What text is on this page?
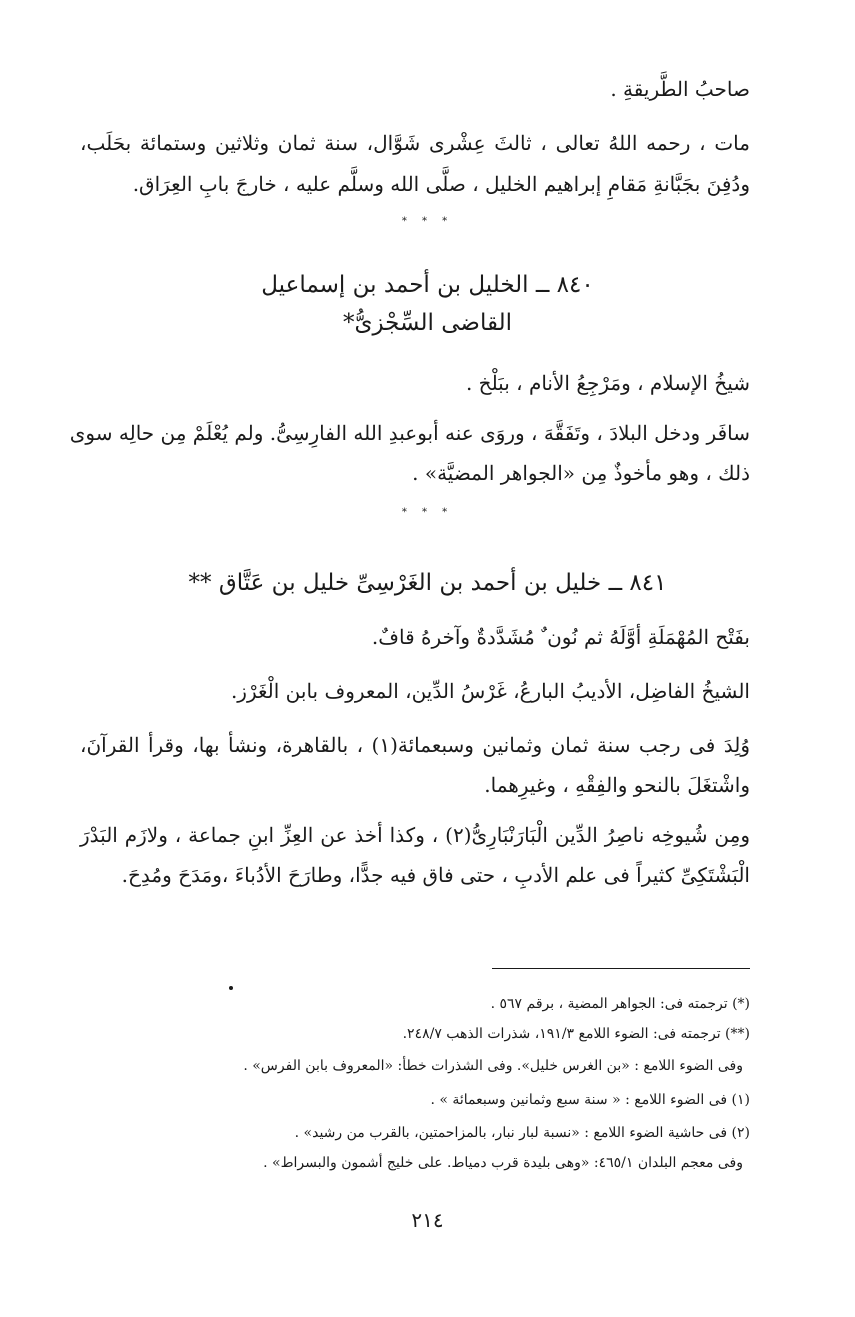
صاحبُ الطَّريقةِ .
مات ، رحمه اللهُ تعالى ، ثالثَ عِشْرى شَوَّال، سنة ثمان وثلاثين وستمائة بحَلَب،
ودُفِنَ بجَبَّانةِ مَقامِ إبراهيم الخليل ، صلَّى الله وسلَّم عليه ، خارجَ بابِ العِرَاق.
* * *
٨٤٠ ــ الخليل بن أحمد بن إسماعيل
القاضى السِّجْزىُّ*
شيخُ الإسلام ، ومَرْجِعُ الأنام ، ببَلْخ .
سافَر ودخل البلادَ ، وتَفَقَّهَ ، وروَى عنه أبوعبدِ الله الفارِسِىُّ. ولم يُعْلَمْ مِن حالِه سوى
ذلك ، وهو مأخوذٌ مِن «الجواهر المضيَّة» .
* * *
٨٤١ ــ خليل بن أحمد بن الغَرْسِىِّ خليل بن عَتَّاق **
بفَتْح المُهْمَلَةِ أوَّلَهُ ثم نُون ٌ مُشَدَّدةٌ وآخرهُ قافٌ.
الشيخُ الفاضِل، الأديبُ البارعُ، غَرْسُ الدِّين، المعروف بابن الْغَرْز.
وُلِدَ فى رجب سنة ثمان وثمانين وسبعمائة(١) ، بالقاهرة، ونشأ بها، وقرأ القرآنَ،
واشْتغَلَ بالنحو والفِقْهِ ، وغيرِهما.
ومِن شُيوخِه ناصِرُ الدِّين الْبَارَنْبَارِىُّ(٢) ، وكذا أخذ عن العِزِّ ابنِ جماعة ، ولازَم البَدْرَ
الْبَشْتَكِىِّ كثيراً فى علم الأدبِ ، حتى فاق فيه جدًّا، وطارَحَ الأدُباءَ ،ومَدَحَ ومُدِحَ.
(*) ترجمته فى: الجواهر المضية ، برقم ٥٦٧ .
(**) ترجمته فى: الضوء اللامع ١٩١/٣، شذرات الذهب ٢٤٨/٧.
وفى الضوء اللامع : «بن الغرس خليل». وفى الشذرات خطأ: «المعروف بابن الفرس» .
(١) فى الضوء اللامع : « سنة سبع وثمانين وسبعمائة » .
(٢) فى حاشية الضوء اللامع : «نسبة لبار نبار، بالمزاحمتين، بالقرب من رشيد» .
وفى معجم البلدان ٤٦٥/١: «وهى بليدة قرب دمياط. على خليج أشمون والبسراط» .
٢١٤
